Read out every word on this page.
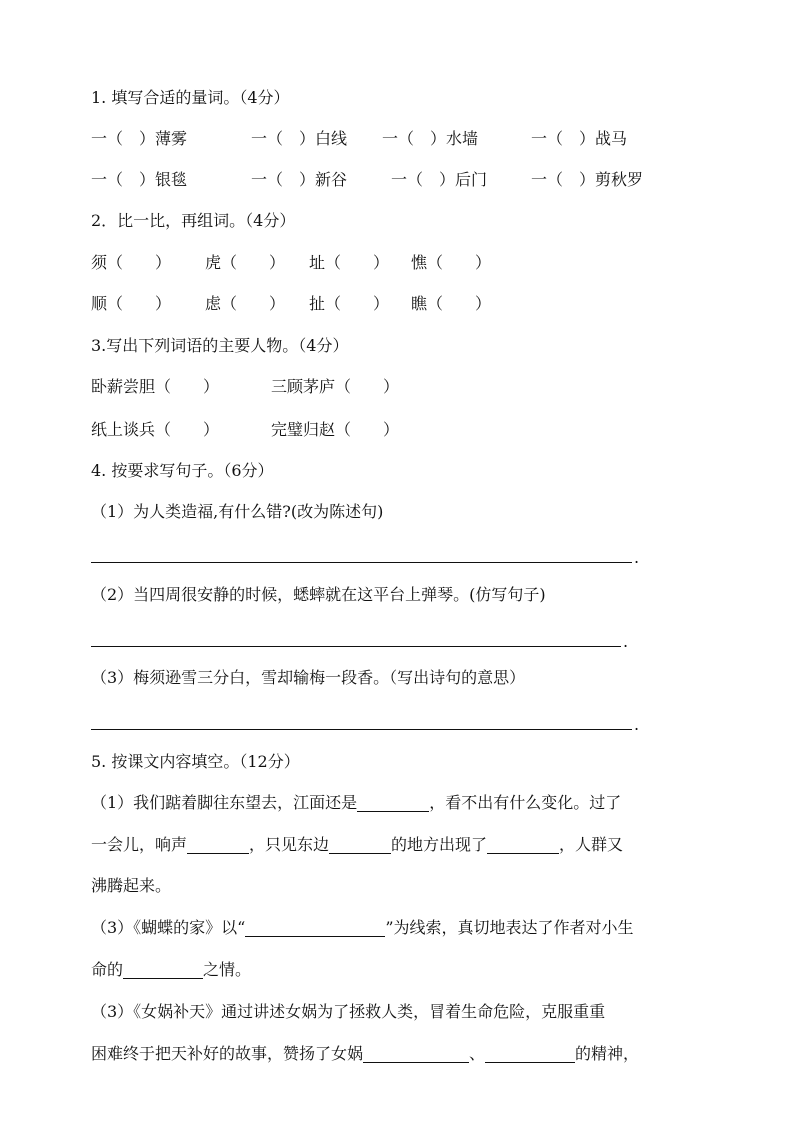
1. 填写合适的量词。（4分）
一（　）薄雾	一（　）白线 一（　）水墙	一（　）战马
一（　）银毯	一（　）新谷	一（　）后门	一（　）剪秋罗
2．比一比，再组词。（4分）
须（　　） 虎（　　） 址（　　） 憔（　　）
顺（　　） 虑（　　） 扯（　　） 瞧（　　）
3.写出下列词语的主要人物。（4分）
卧薪尝胆（　　）	三顾茅庐（　　）
纸上谈兵（　　）	完璧归赵（　　）
4. 按要求写句子。（6分）
（1）为人类造福,有什么错?(改为陈述句)
.
（2）当四周很安静的时候，蟋蟀就在这平台上弹琴。(仿写句子)
.
（3）梅须逊雪三分白，雪却输梅一段香。（写出诗句的意思）
.
5. 按课文内容填空。（12分）
（1）我们踮着脚往东望去，江面还是	，看不出有什么变化。过了
一会儿，响声	，只见东边	的地方出现了	，人群又
沸腾起来。
（3）《蝴蝶的家》以“	”为线索，真切地表达了作者对小生
命的	之情。
（3）《女娲补天》通过讲述女娲为了拯救人类，冒着生命危险，克服重重
困难终于把天补好的故事，赞扬了女娲	、	的精神，
